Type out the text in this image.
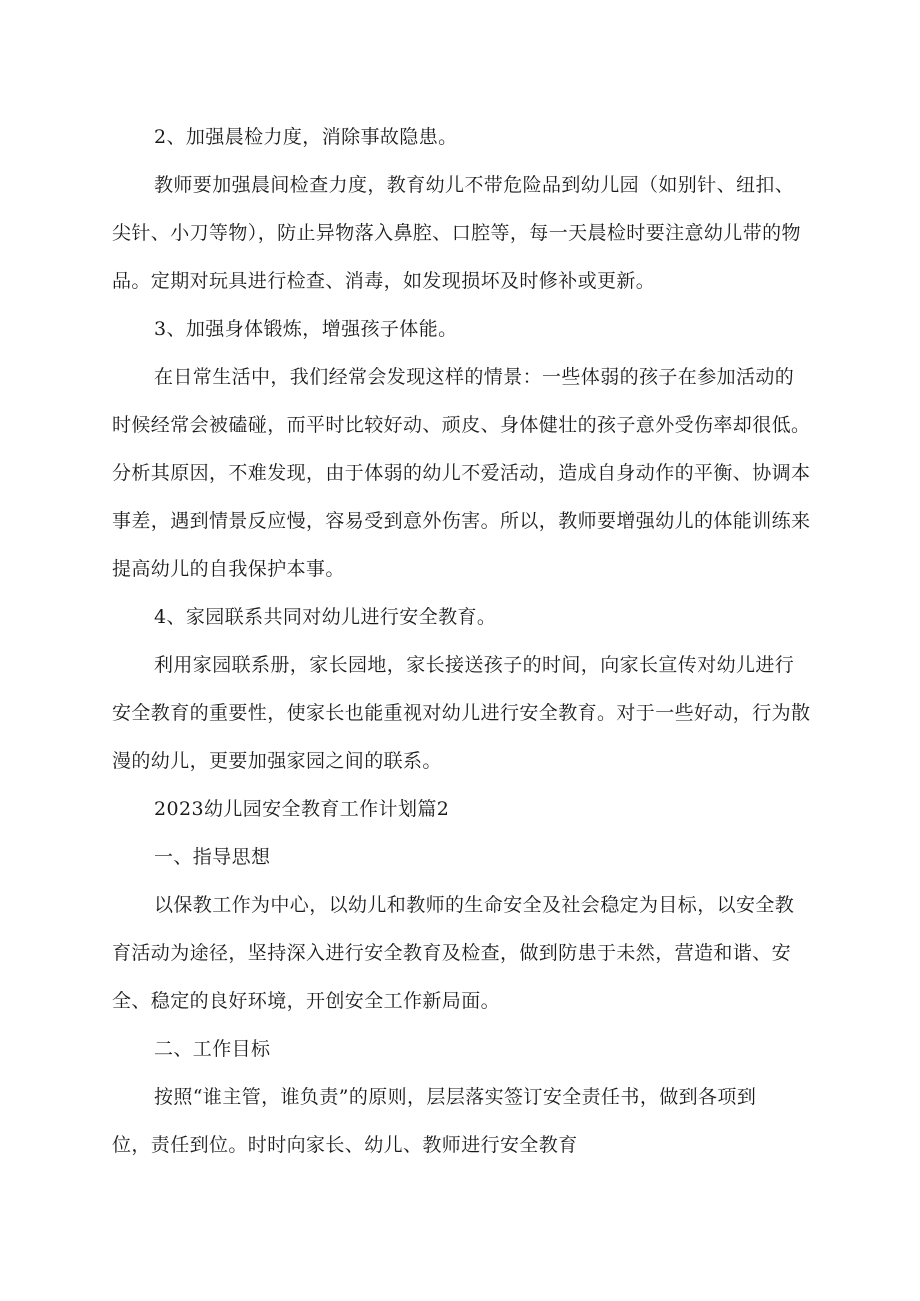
2、加强晨检力度，消除事故隐患。

教师要加强晨间检查力度，教育幼儿不带危险品到幼儿园（如别针、纽扣、尖针、小刀等物），防止异物落入鼻腔、口腔等，每一天晨检时要注意幼儿带的物品。定期对玩具进行检查、消毒，如发现损坏及时修补或更新。

3、加强身体锻炼，增强孩子体能。

在日常生活中，我们经常会发现这样的情景：一些体弱的孩子在参加活动的时候经常会被磕碰，而平时比较好动、顽皮、身体健壮的孩子意外受伤率却很低。分析其原因，不难发现，由于体弱的幼儿不爱活动，造成自身动作的平衡、协调本事差，遇到情景反应慢，容易受到意外伤害。所以，教师要增强幼儿的体能训练来提高幼儿的自我保护本事。

4、家园联系共同对幼儿进行安全教育。

利用家园联系册，家长园地，家长接送孩子的时间，向家长宣传对幼儿进行安全教育的重要性，使家长也能重视对幼儿进行安全教育。对于一些好动，行为散漫的幼儿，更要加强家园之间的联系。

2023幼儿园安全教育工作计划篇2

一、指导思想

以保教工作为中心，以幼儿和教师的生命安全及社会稳定为目标，以安全教育活动为途径，坚持深入进行安全教育及检查，做到防患于未然，营造和谐、安全、稳定的良好环境，开创安全工作新局面。

二、工作目标

按照“谁主管，谁负责”的原则，层层落实签订安全责任书，做到各项到位，责任到位。时时向家长、幼儿、教师进行安全教育
